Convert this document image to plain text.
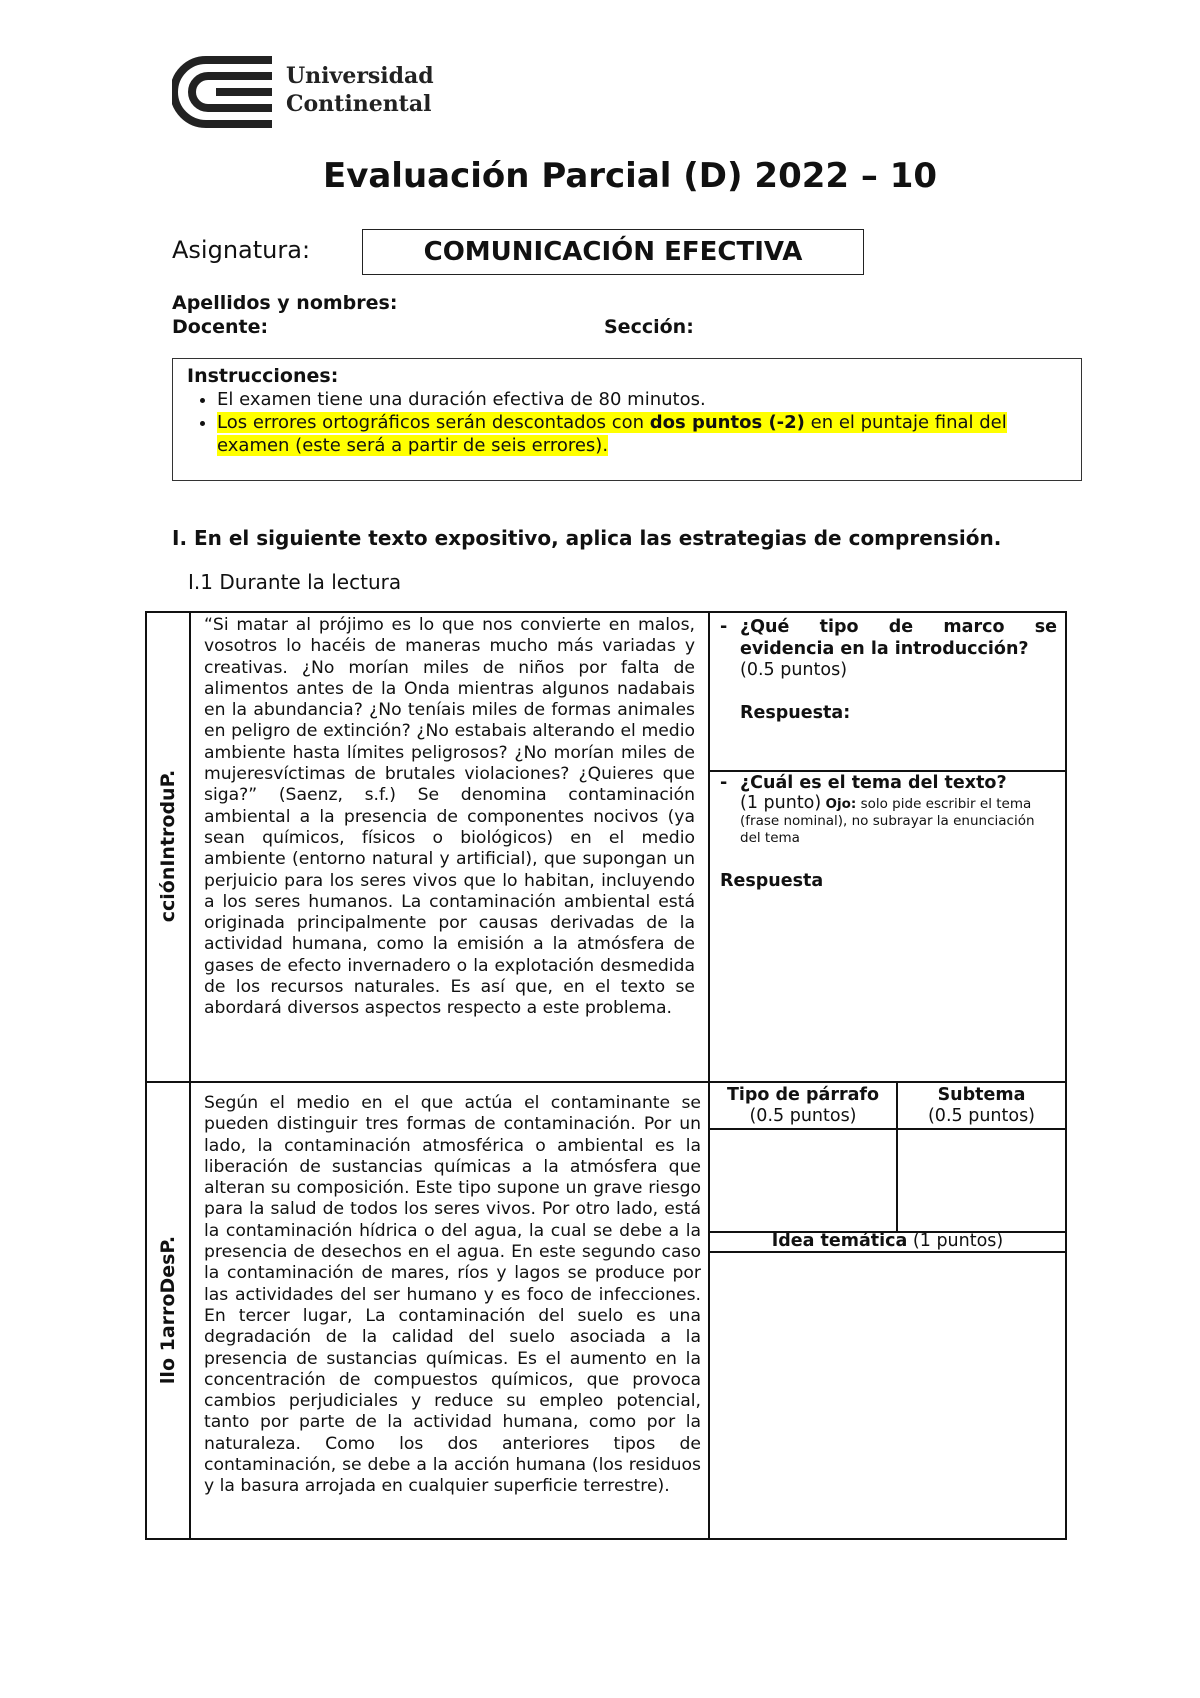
Universidad
Continental
Evaluación Parcial (D) 2022 – 10
Asignatura:	COMUNICACIÓN EFECTIVA
Apellidos y nombres:
Docente:	Sección:
Instrucciones:
• El examen tiene una duración efectiva de 80 minutos.
• Los errores ortográficos serán descontados con dos puntos (-2) en el puntaje final del examen (este será a partir de seis errores).
I. En el siguiente texto expositivo, aplica las estrategias de comprensión.
I.1 Durante la lectura
cciónIntroduP.
llo 1arroDesP.
“Si matar al prójimo es lo que nos convierte en malos, vosotros lo hacéis de maneras mucho más variadas y creativas. ¿No morían miles de niños por falta de alimentos antes de la Onda mientras algunos nadabais en la abundancia? ¿No teníais miles de formas animales en peligro de extinción? ¿No estabais alterando el medio ambiente hasta límites peligrosos? ¿No morían miles de mujeresvíctimas de brutales violaciones? ¿Quieres que siga?” (Saenz, s.f.) Se denomina contaminación ambiental a la presencia de componentes nocivos (ya sean químicos, físicos o biológicos) en el medio ambiente (entorno natural y artificial), que supongan un perjuicio para los seres vivos que lo habitan, incluyendo a los seres humanos. La contaminación ambiental está originada principalmente por causas derivadas de la actividad humana, como la emisión a la atmósfera de gases de efecto invernadero o la explotación desmedida de los recursos naturales. Es así que, en el texto se abordará diversos aspectos respecto a este problema.
- ¿Qué tipo de marco se evidencia en la introducción?
(0.5 puntos)
Respuesta:
- ¿Cuál es el tema del texto?
(1 punto) Ojo: solo pide escribir el tema (frase nominal), no subrayar la enunciación del tema
Respuesta
Según el medio en el que actúa el contaminante se pueden distinguir tres formas de contaminación. Por un lado, la contaminación atmosférica o ambiental es la liberación de sustancias químicas a la atmósfera que alteran su composición. Este tipo supone un grave riesgo para la salud de todos los seres vivos. Por otro lado, está la contaminación hídrica o del agua, la cual se debe a la presencia de desechos en el agua. En este segundo caso la contaminación de mares, ríos y lagos se produce por las actividades del ser humano y es foco de infecciones. En tercer lugar, La contaminación del suelo es una degradación de la calidad del suelo asociada a la presencia de sustancias químicas. Es el aumento en la concentración de compuestos químicos, que provoca cambios perjudiciales y reduce su empleo potencial, tanto por parte de la actividad humana, como por la naturaleza. Como los dos anteriores tipos de contaminación, se debe a la acción humana (los residuos y la basura arrojada en cualquier superficie terrestre).
Tipo de párrafo
(0.5 puntos)
Subtema
(0.5 puntos)
Idea temática (1 puntos)
